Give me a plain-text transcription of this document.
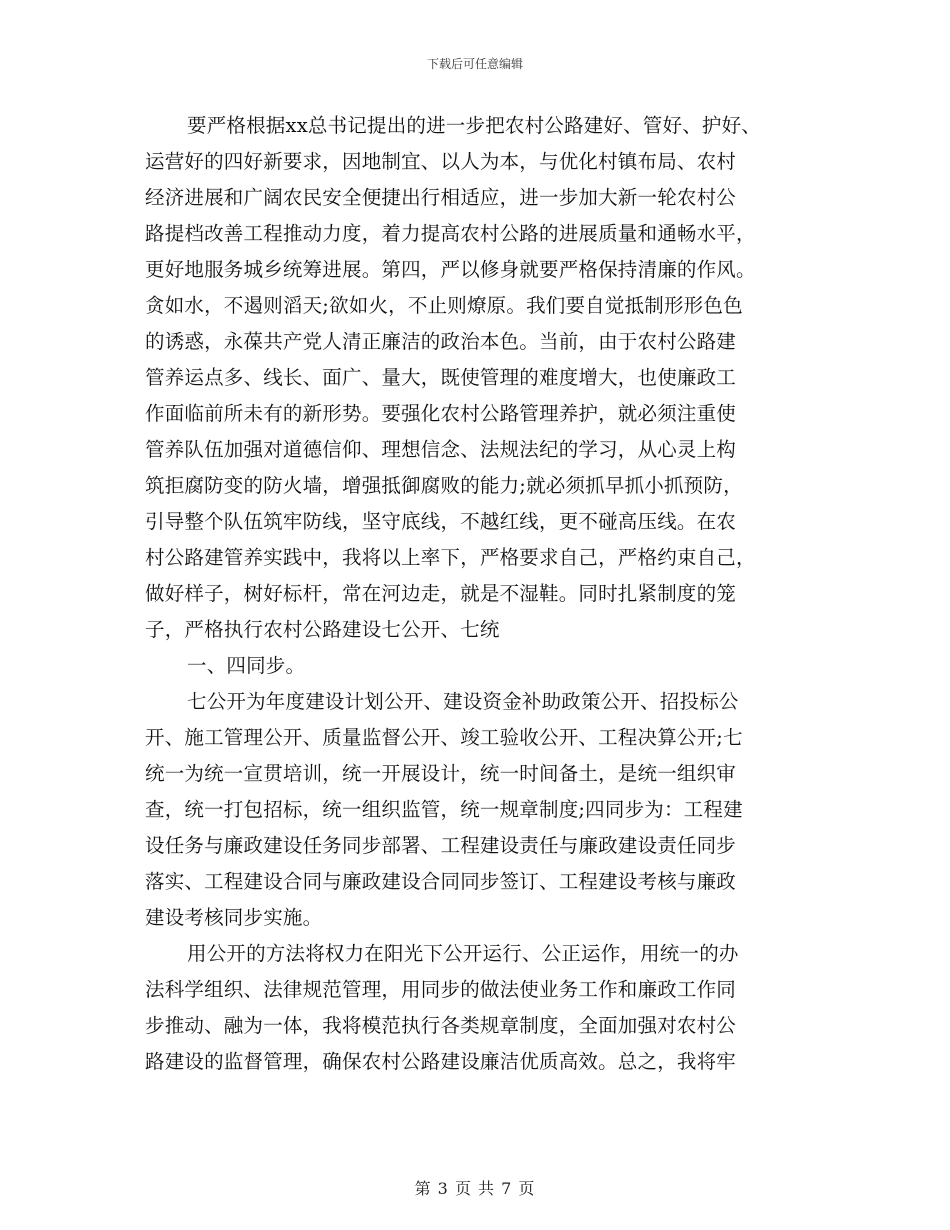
下载后可任意编辑
要严格根据xx总书记提出的进一步把农村公路建好、管好、护好、
运营好的四好新要求，因地制宜、以人为本，与优化村镇布局、农村
经济进展和广阔农民安全便捷出行相适应，进一步加大新一轮农村公
路提档改善工程推动力度，着力提高农村公路的进展质量和通畅水平，
更好地服务城乡统筹进展。第四，严以修身就要严格保持清廉的作风。
贪如水，不遏则滔天;欲如火，不止则燎原。我们要自觉抵制形形色色
的诱惑，永葆共产党人清正廉洁的政治本色。当前，由于农村公路建
管养运点多、线长、面广、量大，既使管理的难度增大，也使廉政工
作面临前所未有的新形势。要强化农村公路管理养护，就必须注重使
管养队伍加强对道德信仰、理想信念、法规法纪的学习，从心灵上构
筑拒腐防变的防火墙，增强抵御腐败的能力;就必须抓早抓小抓预防，
引导整个队伍筑牢防线，坚守底线，不越红线，更不碰高压线。在农
村公路建管养实践中，我将以上率下，严格要求自己，严格约束自己，
做好样子，树好标杆，常在河边走，就是不湿鞋。同时扎紧制度的笼
子，严格执行农村公路建设七公开、七统
一、四同步。
七公开为年度建设计划公开、建设资金补助政策公开、招投标公
开、施工管理公开、质量监督公开、竣工验收公开、工程决算公开;七
统一为统一宣贯培训，统一开展设计，统一时间备土，是统一组织审
查，统一打包招标，统一组织监管，统一规章制度;四同步为：工程建
设任务与廉政建设任务同步部署、工程建设责任与廉政建设责任同步
落实、工程建设合同与廉政建设合同同步签订、工程建设考核与廉政
建设考核同步实施。
用公开的方法将权力在阳光下公开运行、公正运作，用统一的办
法科学组织、法律规范管理，用同步的做法使业务工作和廉政工作同
步推动、融为一体，我将模范执行各类规章制度，全面加强对农村公
路建设的监督管理，确保农村公路建设廉洁优质高效。总之，我将牢
第 3 页 共 7 页
